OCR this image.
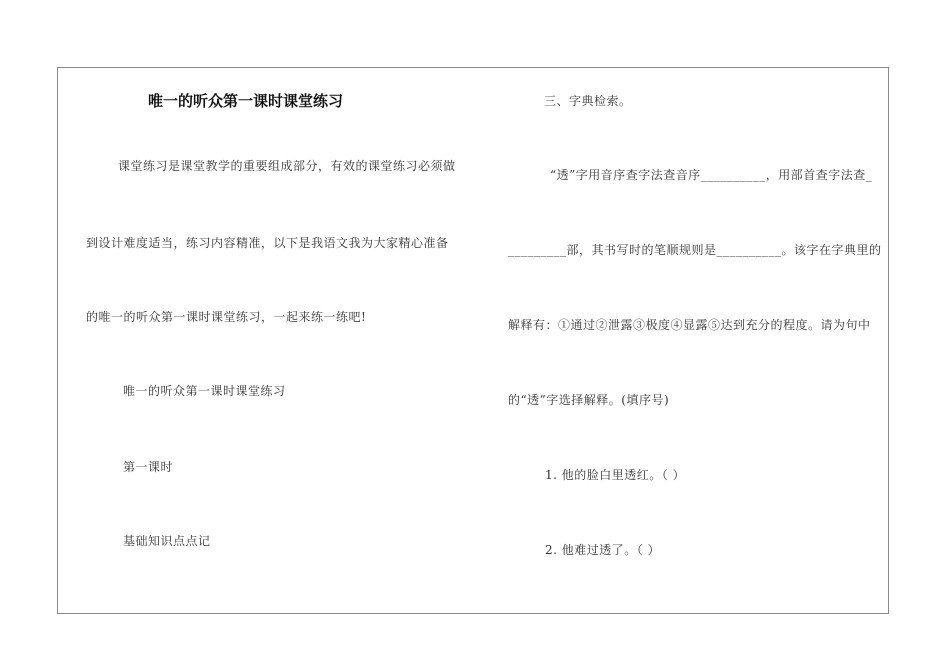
唯一的听众第一课时课堂练习
课堂练习是课堂教学的重要组成部分，有效的课堂练习必须做
到设计难度适当，练习内容精准，以下是我语文我为大家精心准备
的唯一的听众第一课时课堂练习，一起来练一练吧!
唯一的听众第一课时课堂练习
第一课时
基础知识点点记
三、字典检索。
“透”字用音序查字法查音序__________，用部首查字法查_
_________部，其书写时的笔顺规则是__________。该字在字典里的
解释有：①通过②泄露③极度④显露⑤达到充分的程度。请为句中
的“透”字选择解释。(填序号)
1. 他的脸白里透红。（ ）
2. 他难过透了。（ ）
